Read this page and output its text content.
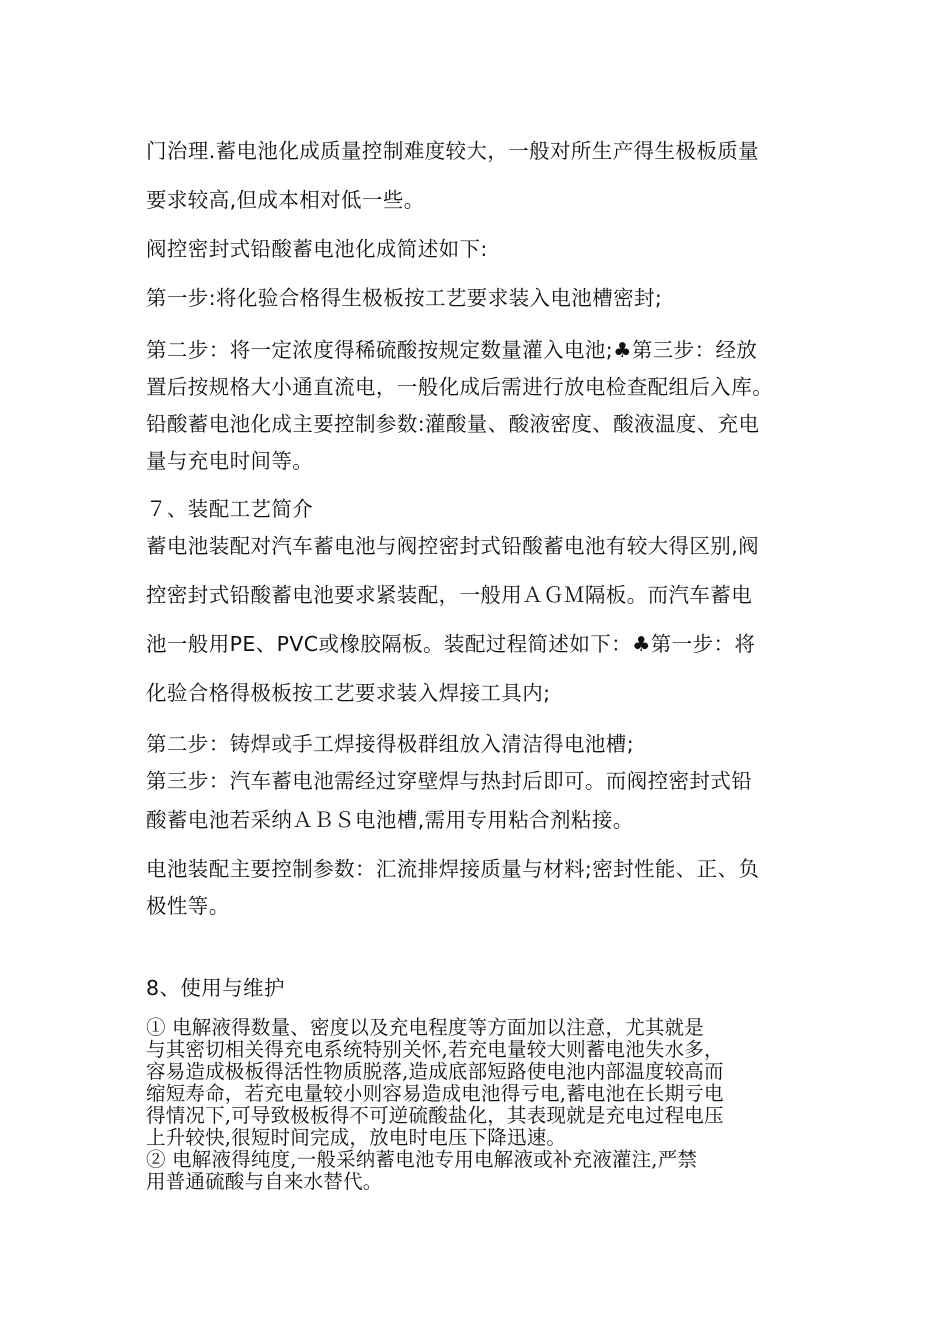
门治理.蓄电池化成质量控制难度较大，一般对所生产得生极板质量
要求较高,但成本相对低一些。
阀控密封式铅酸蓄电池化成简述如下:
第一步:将化验合格得生极板按工艺要求装入电池槽密封;
第二步：将一定浓度得稀硫酸按规定数量灌入电池;♣第三步：经放
置后按规格大小通直流电，一般化成后需进行放电检查配组后入库。
铅酸蓄电池化成主要控制参数:灌酸量、酸液密度、酸液温度、充电
量与充电时间等。
７、装配工艺简介
蓄电池装配对汽车蓄电池与阀控密封式铅酸蓄电池有较大得区别,阀
控密封式铅酸蓄电池要求紧装配，一般用ＡＧＭ隔板。而汽车蓄电
池一般用PE、PVC或橡胶隔板。装配过程简述如下：♣第一步：将
化验合格得极板按工艺要求装入焊接工具内;
第二步：铸焊或手工焊接得极群组放入清洁得电池槽;
第三步：汽车蓄电池需经过穿壁焊与热封后即可。而阀控密封式铅
酸蓄电池若采纳ＡＢＳ电池槽,需用专用粘合剂粘接。
电池装配主要控制参数：汇流排焊接质量与材料;密封性能、正、负
极性等。
8、使用与维护
① 电解液得数量、密度以及充电程度等方面加以注意，尤其就是
与其密切相关得充电系统特别关怀,若充电量较大则蓄电池失水多，
容易造成极板得活性物质脱落,造成底部短路使电池内部温度较高而
缩短寿命，若充电量较小则容易造成电池得亏电,蓄电池在长期亏电
得情况下,可导致极板得不可逆硫酸盐化，其表现就是充电过程电压
上升较快,很短时间完成，放电时电压下降迅速。
② 电解液得纯度,一般采纳蓄电池专用电解液或补充液灌注,严禁
用普通硫酸与自来水替代。
